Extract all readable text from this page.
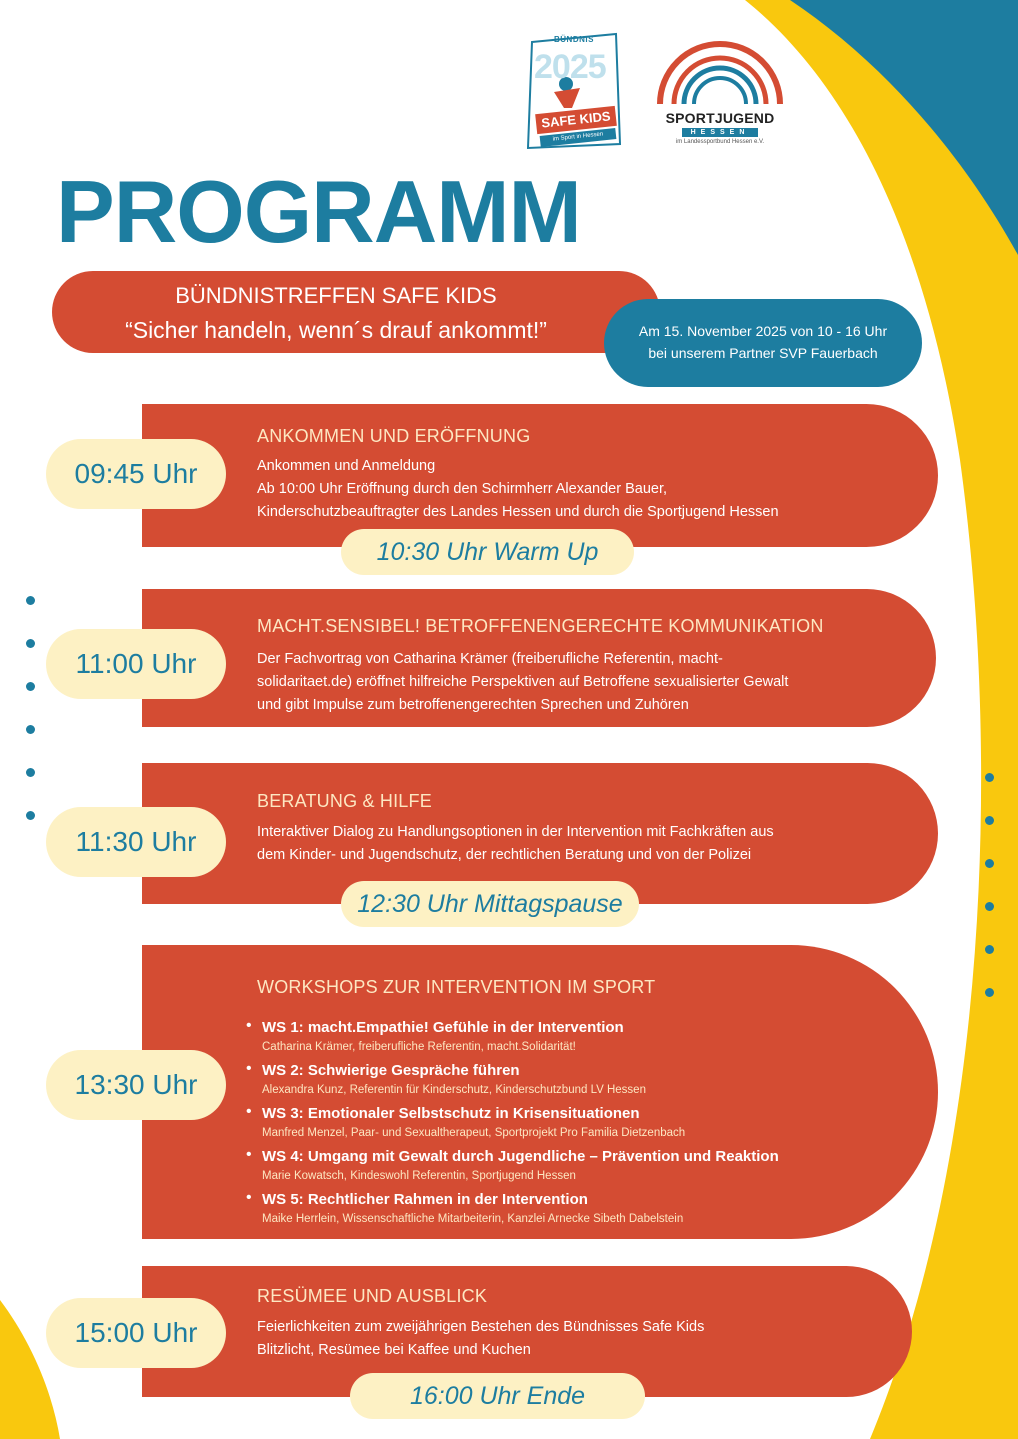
BÜNDNIS
2025
SAFE KIDS
im Sport in Hessen
SPORTJUGEND
HESSEN
im Landessportbund Hessen e.V.
PROGRAMM
BÜNDNISTREFFEN SAFE KIDS
“Sicher handeln, wenn´s drauf ankommt!”	Am 15. November 2025 von 10 - 16 Uhr
bei unserem Partner SVP Fauerbach
ANKOMMEN UND ERÖFFNUNG
Ankommen und Anmeldung
Ab 10:00 Uhr Eröffnung durch den Schirmherr Alexander Bauer,
Kinderschutzbeauftragter des Landes Hessen und durch die Sportjugend Hessen
09:45 Uhr
10:30 Uhr Warm Up
MACHT.SENSIBEL! BETROFFENENGERECHTE KOMMUNIKATION
Der Fachvortrag von Catharina Krämer (freiberufliche Referentin, macht-
solidaritaet.de) eröffnet hilfreiche Perspektiven auf Betroffene sexualisierter Gewalt
und gibt Impulse zum betroffenengerechten Sprechen und Zuhören
11:00 Uhr
BERATUNG & HILFE
Interaktiver Dialog zu Handlungsoptionen in der Intervention mit Fachkräften aus
dem Kinder- und Jugendschutz, der rechtlichen Beratung und von der Polizei
11:30 Uhr
12:30 Uhr Mittagspause
WORKSHOPS ZUR INTERVENTION IM SPORT
• WS 1: macht.Empathie! Gefühle in der Intervention
Catharina Krämer, freiberufliche Referentin, macht.Solidarität!
• WS 2: Schwierige Gespräche führen
Alexandra Kunz, Referentin für Kinderschutz, Kinderschutzbund LV Hessen
• WS 3: Emotionaler Selbstschutz in Krisensituationen
Manfred Menzel, Paar- und Sexualtherapeut, Sportprojekt Pro Familia Dietzenbach
• WS 4: Umgang mit Gewalt durch Jugendliche – Prävention und Reaktion
Marie Kowatsch, Kindeswohl Referentin, Sportjugend Hessen
• WS 5: Rechtlicher Rahmen in der Intervention
Maike Herrlein, Wissenschaftliche Mitarbeiterin, Kanzlei Arnecke Sibeth Dabelstein
13:30 Uhr
RESÜMEE UND AUSBLICK
Feierlichkeiten zum zweijährigen Bestehen des Bündnisses Safe Kids
Blitzlicht, Resümee bei Kaffee und Kuchen
15:00 Uhr
16:00 Uhr Ende
